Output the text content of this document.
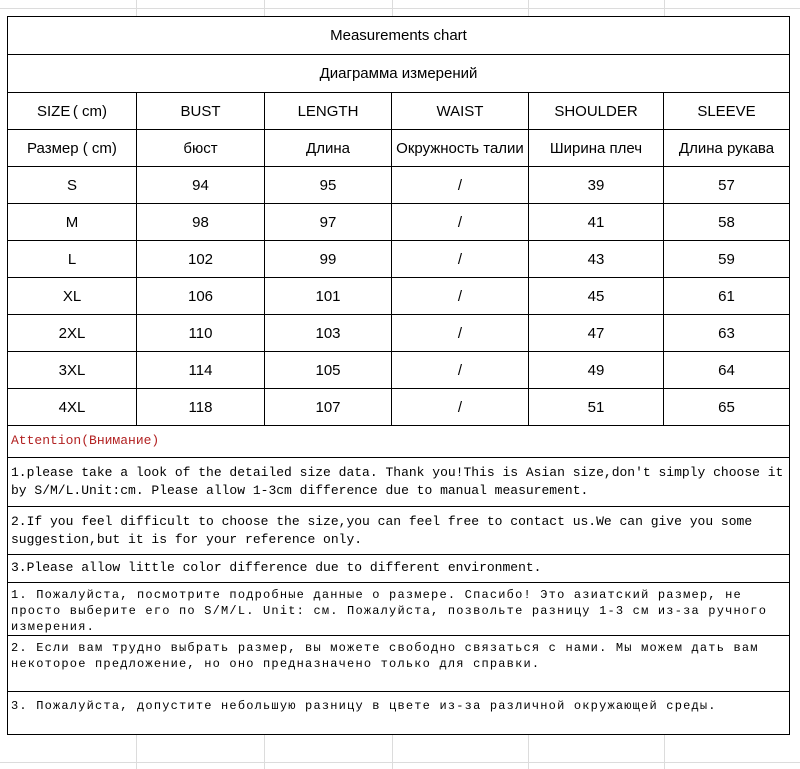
Measurements chart
Диаграмма измерений
SIZE ( cm)	BUST	LENGTH	WAIST	SHOULDER	SLEEVE
Размер ( cm)	бюст	Длина	Окружность талии	Ширина плеч	Длина рукава
S	94	95	/	39	57
M	98	97	/	41	58
L	102	99	/	43	59
XL	106	101	/	45	61
2XL	110	103	/	47	63
3XL	114	105	/	49	64
4XL	118	107	/	51	65
Attention(Внимание)
1.please take a look of the detailed size data. Thank you!This is Asian size,don't simply choose it by S/M/L.Unit:cm. Please allow 1-3cm difference due to manual measurement.
2.If you feel difficult to choose the size,you can feel free to contact us.We can give you some suggestion,but it is for your reference only.
3.Please allow little color difference due to different environment.
1. Пожалуйста, посмотрите подробные данные о размере. Спасибо! Это азиатский размер, не просто выберите его по S/M/L. Unit: см. Пожалуйста, позвольте разницу 1-3 см из-за ручного измерения.
2. Если вам трудно выбрать размер, вы можете свободно связаться с нами. Мы можем дать вам некоторое предложение, но оно предназначено только для справки.
3. Пожалуйста, допустите небольшую разницу в цвете из-за различной окружающей среды.
